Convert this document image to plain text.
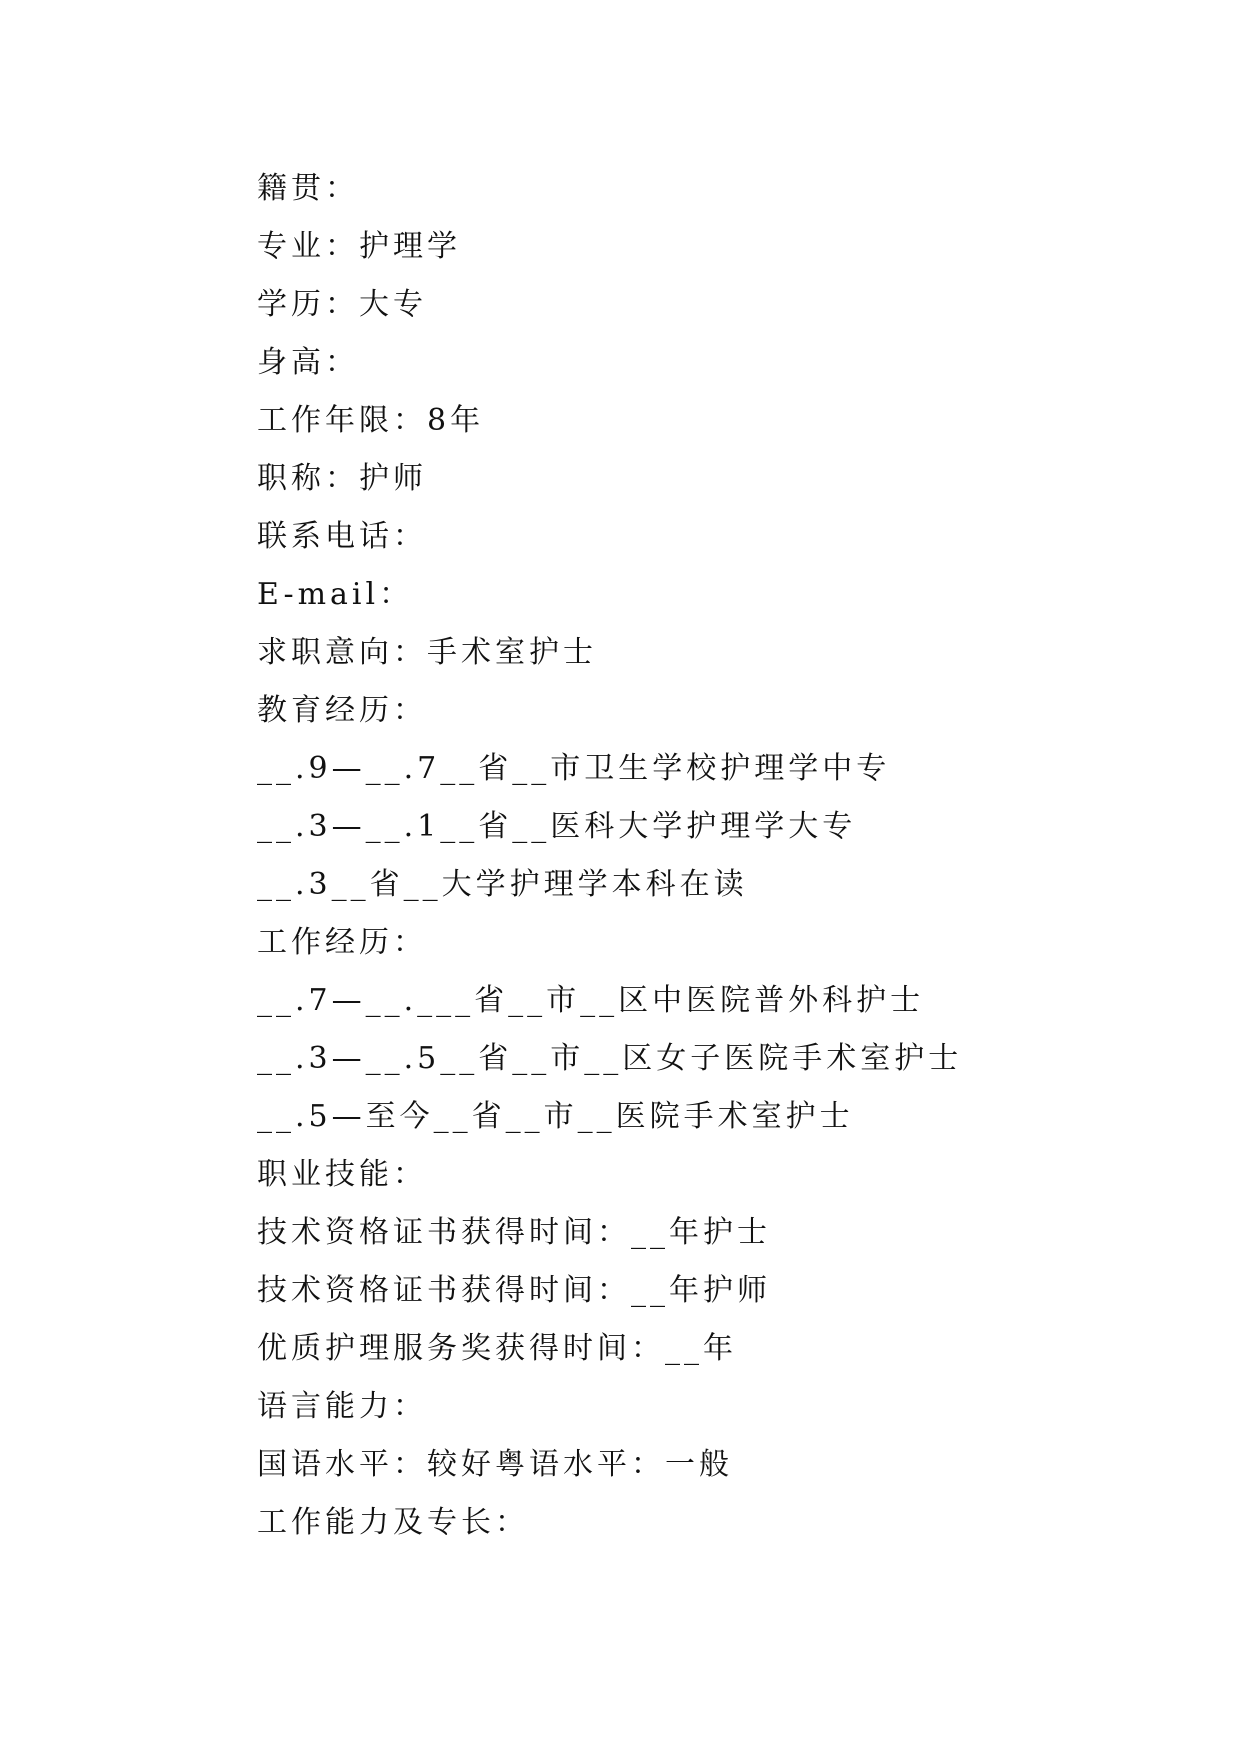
籍贯：
专业：护理学
学历：大专
身高：
工作年限：8年
职称：护师
联系电话：
E-mail：
求职意向：手术室护士
教育经历：
__.9—__.7__省__市卫生学校护理学中专
__.3—__.1__省__医科大学护理学大专
__.3__省__大学护理学本科在读
工作经历：
__.7—__.___省__市__区中医院普外科护士
__.3—__.5__省__市__区女子医院手术室护士
__.5—至今__省__市__医院手术室护士
职业技能：
技术资格证书获得时间：__年护士
技术资格证书获得时间：__年护师
优质护理服务奖获得时间：__年
语言能力：
国语水平：较好粤语水平：一般
工作能力及专长：
